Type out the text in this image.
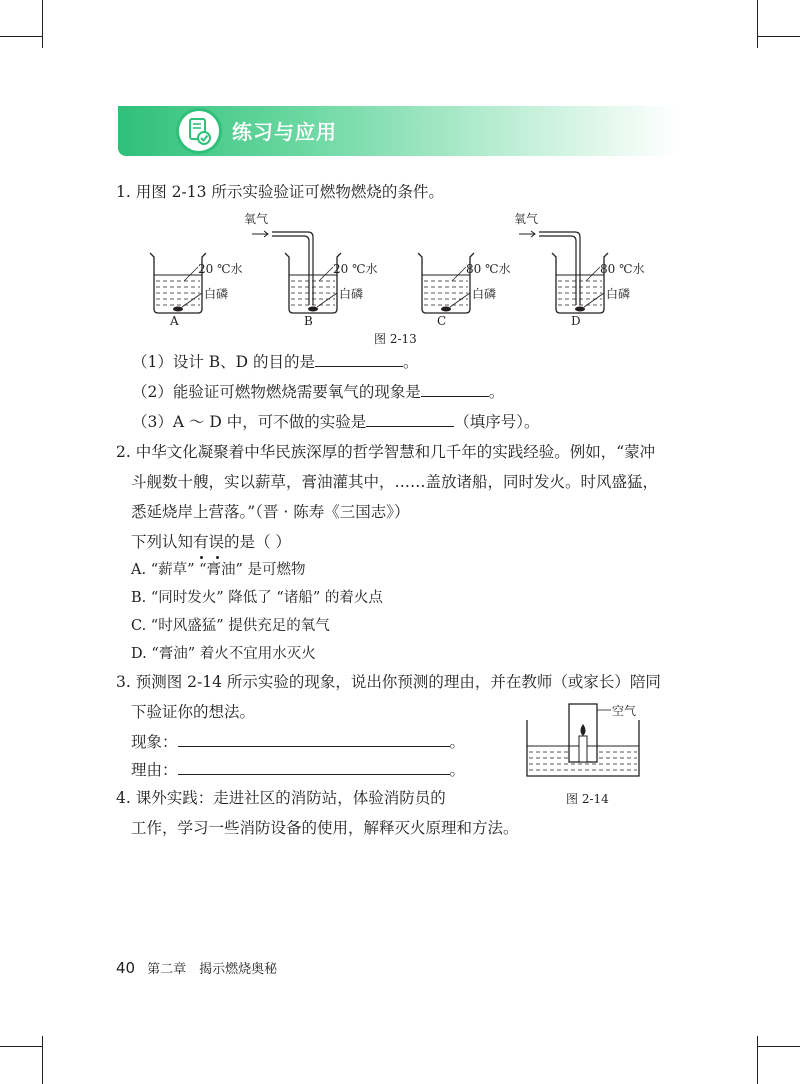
练习与应用
1. 用图 2-13 所示实验验证可燃物燃烧的条件。
氧气	氧气
20 ℃水	20 ℃水	80 ℃水	80 ℃水
白磷	白磷	白磷	白磷
A	B	C	D
图 2-13
（1）设计 B、D 的目的是	。
（2）能验证可燃物燃烧需要氧气的现象是	。
（3）A ～ D 中，可不做的实验是	（填序号）。
2. 中华文化凝聚着中华民族深厚的哲学智慧和几千年的实践经验。例如，“蒙冲
斗舰数十艘，实以薪草，膏油灌其中，……盖放诸船，同时发火。时风盛猛，
悉延烧岸上营落。”（晋 · 陈寿《三国志》）
下列认知有误的是（ ）
A. “薪草” “膏油” 是可燃物
B. “同时发火” 降低了 “诸船” 的着火点
C. “时风盛猛” 提供充足的氧气
D. “膏油” 着火不宜用水灭火
3. 预测图 2-14 所示实验的现象，说出你预测的理由，并在教师（或家长）陪同
下验证你的想法。
现象：	。
理由：	。
空气
图 2-14
4. 课外实践：走进社区的消防站，体验消防员的
工作，学习一些消防设备的使用，解释灭火原理和方法。
40 第二章　揭示燃烧奥秘
